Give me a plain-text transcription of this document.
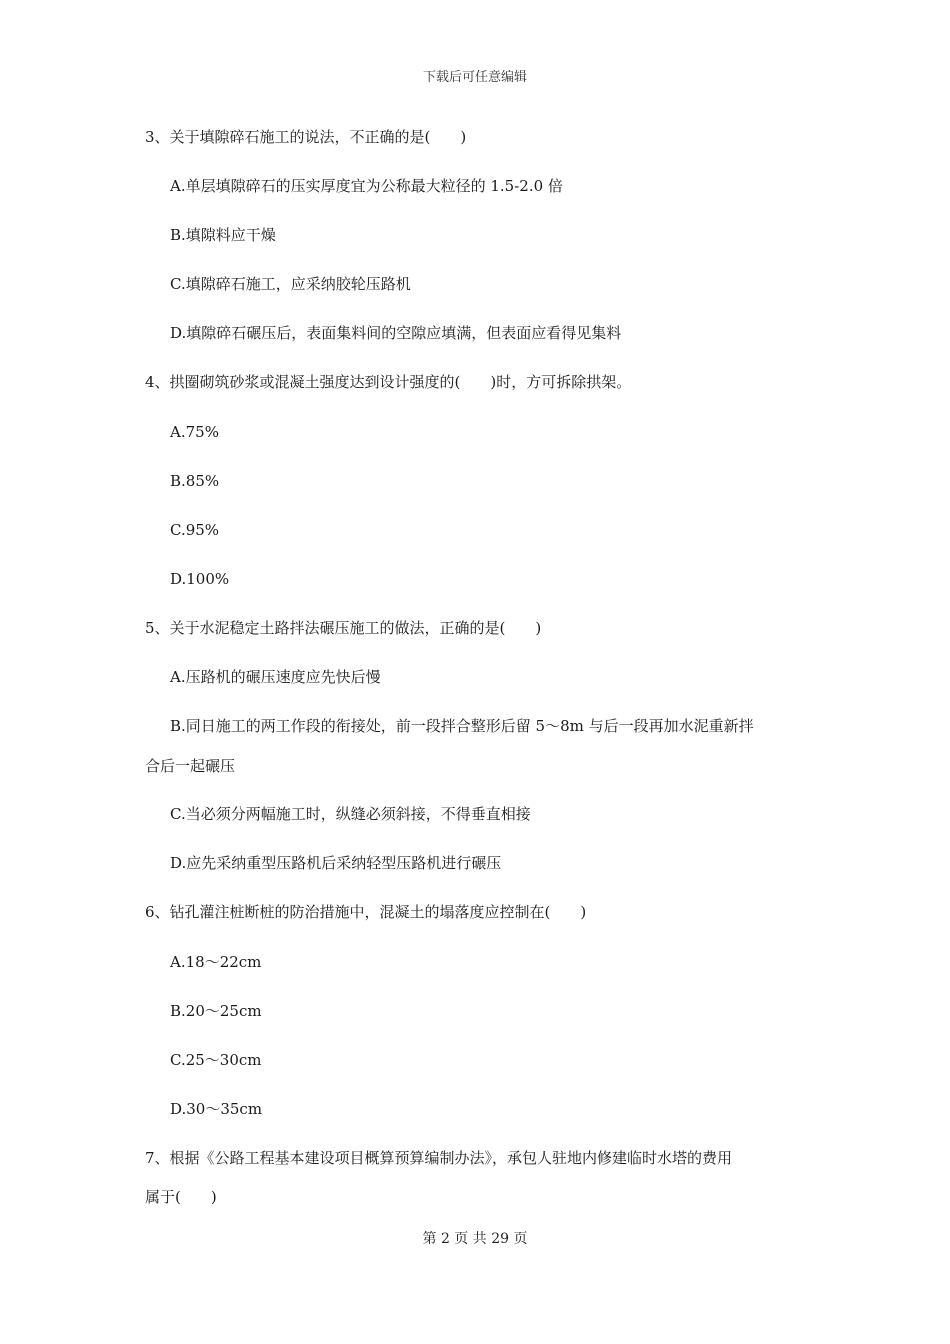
下载后可任意编辑
3、关于填隙碎石施工的说法，不正确的是(　　)
A.单层填隙碎石的压实厚度宜为公称最大粒径的 1.5-2.0 倍
B.填隙料应干燥
C.填隙碎石施工，应采纳胶轮压路机
D.填隙碎石碾压后，表面集料间的空隙应填满，但表面应看得见集料
4、拱圈砌筑砂浆或混凝土强度达到设计强度的(　　)时，方可拆除拱架。
A.75%
B.85%
C.95%
D.100%
5、关于水泥稳定土路拌法碾压施工的做法，正确的是(　　)
A.压路机的碾压速度应先快后慢
B.同日施工的两工作段的衔接处，前一段拌合整形后留 5～8m 与后一段再加水泥重新拌
合后一起碾压
C.当必须分两幅施工时，纵缝必须斜接，不得垂直相接
D.应先采纳重型压路机后采纳轻型压路机进行碾压
6、钻孔灌注桩断桩的防治措施中，混凝土的塌落度应控制在(　　)
A.18～22cm
B.20～25cm
C.25～30cm
D.30～35cm
7、根据《公路工程基本建设项目概算预算编制办法》，承包人驻地内修建临时水塔的费用
属于(　　)
第 2 页 共 29 页
